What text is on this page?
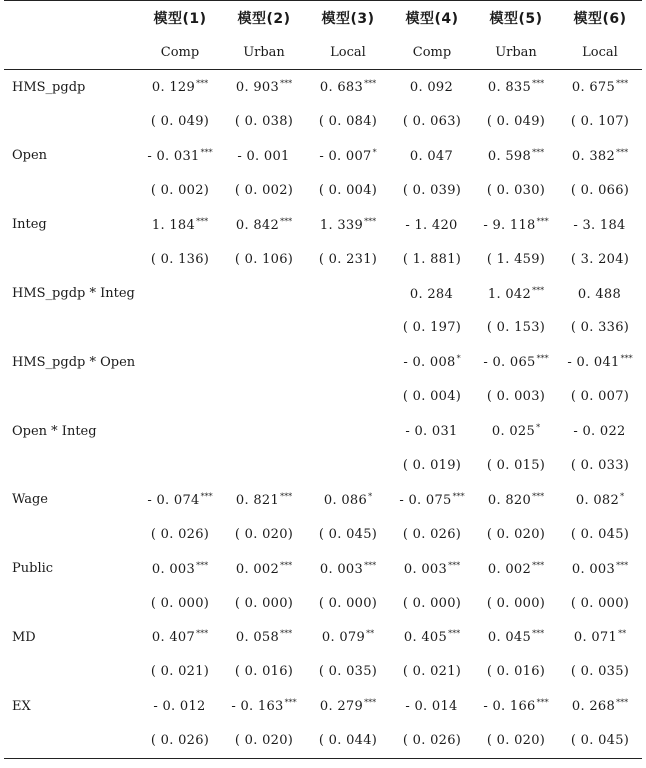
	模型(1)	模型(2)	模型(3)	模型(4)	模型(5)	模型(6)
	Comp	Urban	Local	Comp	Urban	Local
HMS_pgdp	0. 129***	0. 903***	0. 683***	0. 092	0. 835***	0. 675***
	( 0. 049)	( 0. 038)	( 0. 084)	( 0. 063)	( 0. 049)	( 0. 107)
Open	- 0. 031***	- 0. 001	- 0. 007*	0. 047	0. 598***	0. 382***
	( 0. 002)	( 0. 002)	( 0. 004)	( 0. 039)	( 0. 030)	( 0. 066)
Integ	1. 184***	0. 842***	1. 339***	- 1. 420	- 9. 118***	- 3. 184
	( 0. 136)	( 0. 106)	( 0. 231)	( 1. 881)	( 1. 459)	( 3. 204)
HMS_pgdp * Integ				0. 284	1. 042***	0. 488
				( 0. 197)	( 0. 153)	( 0. 336)
HMS_pgdp * Open				- 0. 008*	- 0. 065***	- 0. 041***
				( 0. 004)	( 0. 003)	( 0. 007)
Open * Integ				- 0. 031	0. 025*	- 0. 022
				( 0. 019)	( 0. 015)	( 0. 033)
Wage	- 0. 074***	0. 821***	0. 086*	- 0. 075***	0. 820***	0. 082*
	( 0. 026)	( 0. 020)	( 0. 045)	( 0. 026)	( 0. 020)	( 0. 045)
Public	0. 003***	0. 002***	0. 003***	0. 003***	0. 002***	0. 003***
	( 0. 000)	( 0. 000)	( 0. 000)	( 0. 000)	( 0. 000)	( 0. 000)
MD	0. 407***	0. 058***	0. 079**	0. 405***	0. 045***	0. 071**
	( 0. 021)	( 0. 016)	( 0. 035)	( 0. 021)	( 0. 016)	( 0. 035)
EX	- 0. 012	- 0. 163***	0. 279***	- 0. 014	- 0. 166***	0. 268***
	( 0. 026)	( 0. 020)	( 0. 044)	( 0. 026)	( 0. 020)	( 0. 045)
